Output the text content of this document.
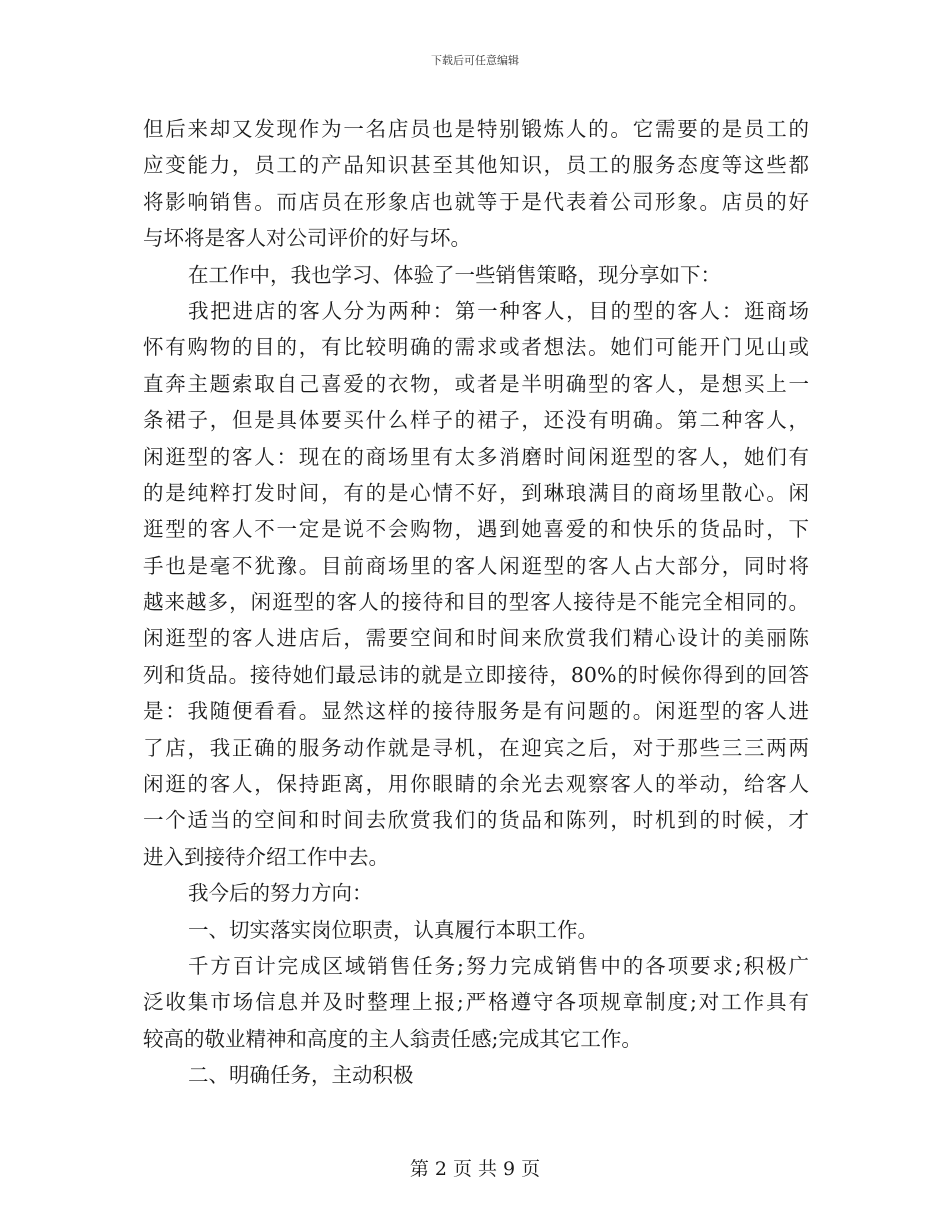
下载后可任意编辑
但后来却又发现作为一名店员也是特别锻炼人的。它需要的是员工的
应变能力，员工的产品知识甚至其他知识，员工的服务态度等这些都
将影响销售。而店员在形象店也就等于是代表着公司形象。店员的好
与坏将是客人对公司评价的好与坏。
在工作中，我也学习、体验了一些销售策略，现分享如下：
我把进店的客人分为两种：第一种客人，目的型的客人：逛商场
怀有购物的目的，有比较明确的需求或者想法。她们可能开门见山或
直奔主题索取自己喜爱的衣物，或者是半明确型的客人，是想买上一
条裙子，但是具体要买什么样子的裙子，还没有明确。第二种客人，
闲逛型的客人：现在的商场里有太多消磨时间闲逛型的客人，她们有
的是纯粹打发时间，有的是心情不好，到琳琅满目的商场里散心。闲
逛型的客人不一定是说不会购物，遇到她喜爱的和快乐的货品时，下
手也是毫不犹豫。目前商场里的客人闲逛型的客人占大部分，同时将
越来越多，闲逛型的客人的接待和目的型客人接待是不能完全相同的。
闲逛型的客人进店后，需要空间和时间来欣赏我们精心设计的美丽陈
列和货品。接待她们最忌讳的就是立即接待，80%的时候你得到的回答
是：我随便看看。显然这样的接待服务是有问题的。闲逛型的客人进
了店，我正确的服务动作就是寻机，在迎宾之后，对于那些三三两两
闲逛的客人，保持距离，用你眼睛的余光去观察客人的举动，给客人
一个适当的空间和时间去欣赏我们的货品和陈列，时机到的时候，才
进入到接待介绍工作中去。
我今后的努力方向：
一、切实落实岗位职责，认真履行本职工作。
千方百计完成区域销售任务;努力完成销售中的各项要求;积极广
泛收集市场信息并及时整理上报;严格遵守各项规章制度;对工作具有
较高的敬业精神和高度的主人翁责任感;完成其它工作。
二、明确任务，主动积极
第 2 页 共 9 页
